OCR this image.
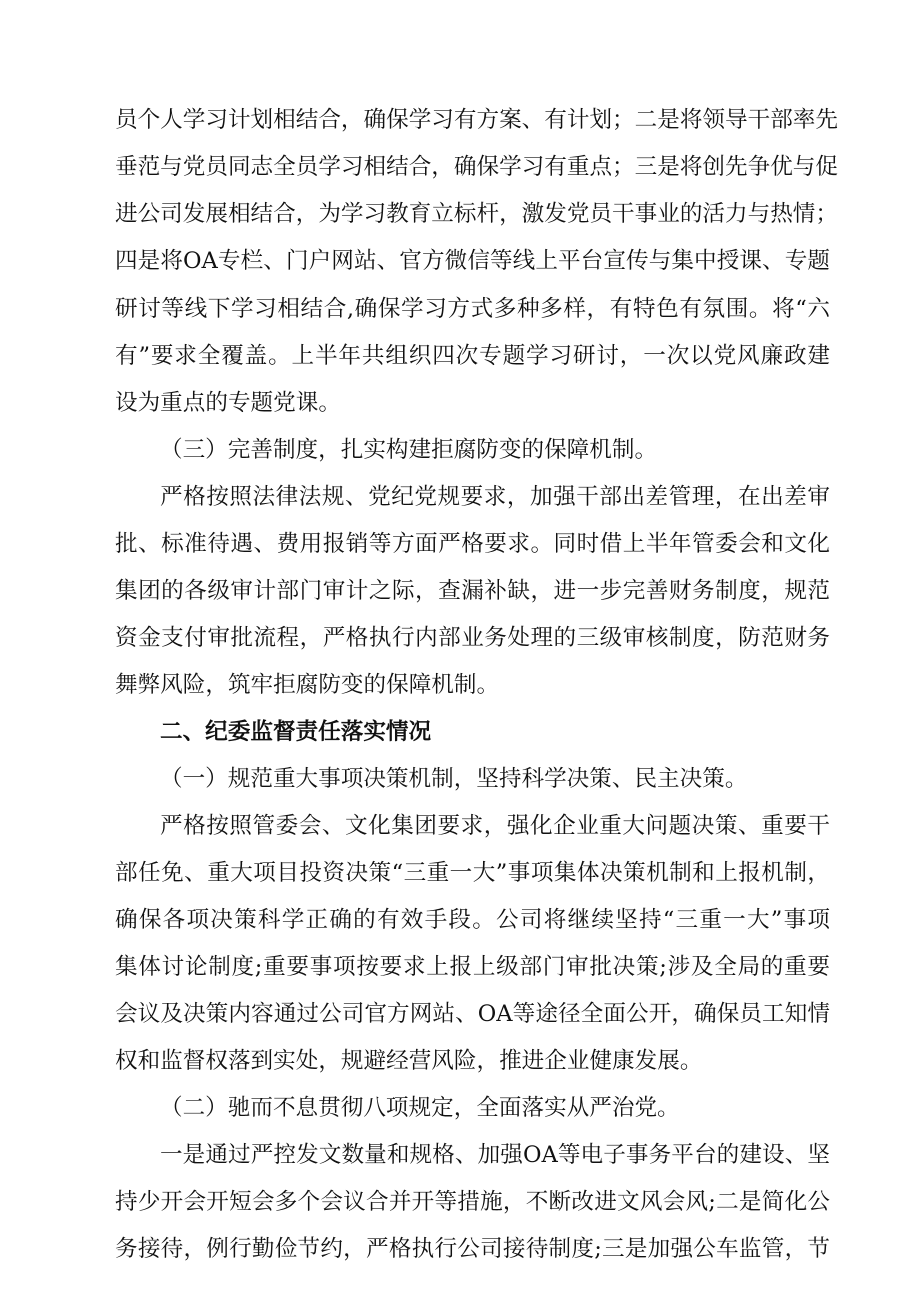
员个人学习计划相结合，确保学习有方案、有计划；二是将领导干部率先
垂范与党员同志全员学习相结合，确保学习有重点；三是将创先争优与促
进公司发展相结合，为学习教育立标杆，激发党员干事业的活力与热情；
四是将OA专栏、门户网站、官方微信等线上平台宣传与集中授课、专题
研讨等线下学习相结合,确保学习方式多种多样，有特色有氛围。将“六
有”要求全覆盖。上半年共组织四次专题学习研讨，一次以党风廉政建
设为重点的专题党课。
（三）完善制度，扎实构建拒腐防变的保障机制。
严格按照法律法规、党纪党规要求，加强干部出差管理，在出差审
批、标准待遇、费用报销等方面严格要求。同时借上半年管委会和文化
集团的各级审计部门审计之际，查漏补缺，进一步完善财务制度，规范
资金支付审批流程，严格执行内部业务处理的三级审核制度，防范财务
舞弊风险，筑牢拒腐防变的保障机制。
二、纪委监督责任落实情况
（一）规范重大事项决策机制，坚持科学决策、民主决策。
严格按照管委会、文化集团要求，强化企业重大问题决策、重要干
部任免、重大项目投资决策“三重一大”事项集体决策机制和上报机制，
确保各项决策科学正确的有效手段。公司将继续坚持“三重一大”事项
集体讨论制度;重要事项按要求上报上级部门审批决策;涉及全局的重要
会议及决策内容通过公司官方网站、OA等途径全面公开，确保员工知情
权和监督权落到实处，规避经营风险，推进企业健康发展。
（二）驰而不息贯彻八项规定，全面落实从严治党。
一是通过严控发文数量和规格、加强OA等电子事务平台的建设、坚
持少开会开短会多个会议合并开等措施，不断改进文风会风;二是简化公
务接待，例行勤俭节约，严格执行公司接待制度;三是加强公车监管，节
